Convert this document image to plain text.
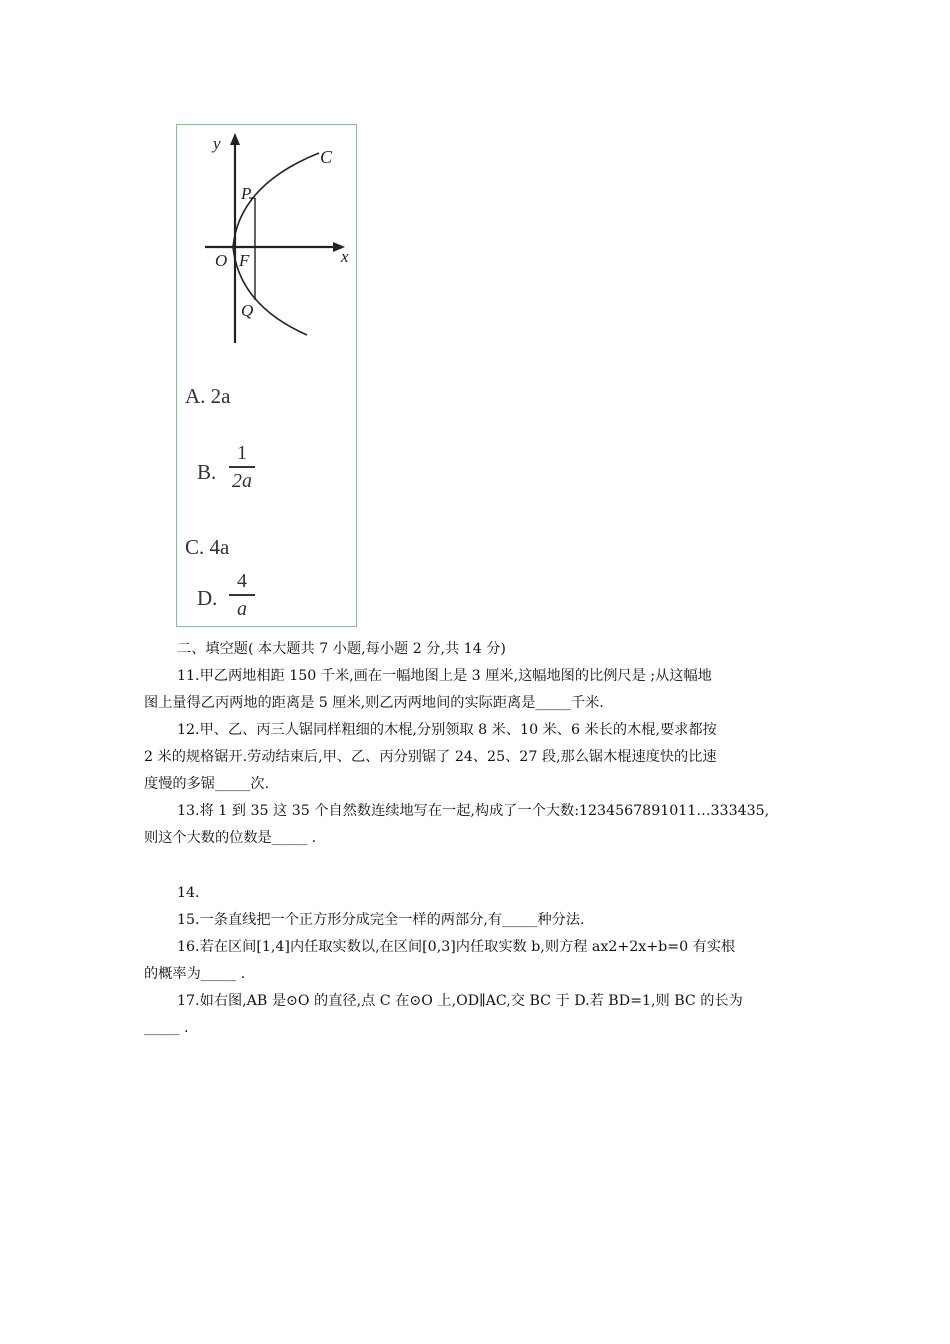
y
x
C
P
O F
Q
A. 2a
B.
1
2a
C. 4a
D.
4
a
二、填空题( 本大题共 7 小题,每小题 2 分,共 14 分)
11.甲乙两地相距 150 千米,画在一幅地图上是 3 厘米,这幅地图的比例尺是 ;从这幅地
图上量得乙丙两地的距离是 5 厘米,则乙丙两地间的实际距离是_____千米.
12.甲、乙、丙三人锯同样粗细的木棍,分别领取 8 米、10 米、6 米长的木棍,要求都按
2 米的规格锯开.劳动结束后,甲、乙、丙分别锯了 24、25、27 段,那么锯木棍速度快的比速
度慢的多锯_____次.
13.将 1 到 35 这 35 个自然数连续地写在一起,构成了一个大数:1234567891011…333435,
则这个大数的位数是_____ .
14.
15.一条直线把一个正方形分成完全一样的两部分,有_____种分法.
16.若在区间[1,4]内任取实数以,在区间[0,3]内任取实数 b,则方程 ax2+2x+b=0 有实根
的概率为_____ .
17.如右图,AB 是⊙O 的直径,点 C 在⊙O 上,OD∥AC,交 BC 于 D.若 BD=1,则 BC 的长为
_____ .
